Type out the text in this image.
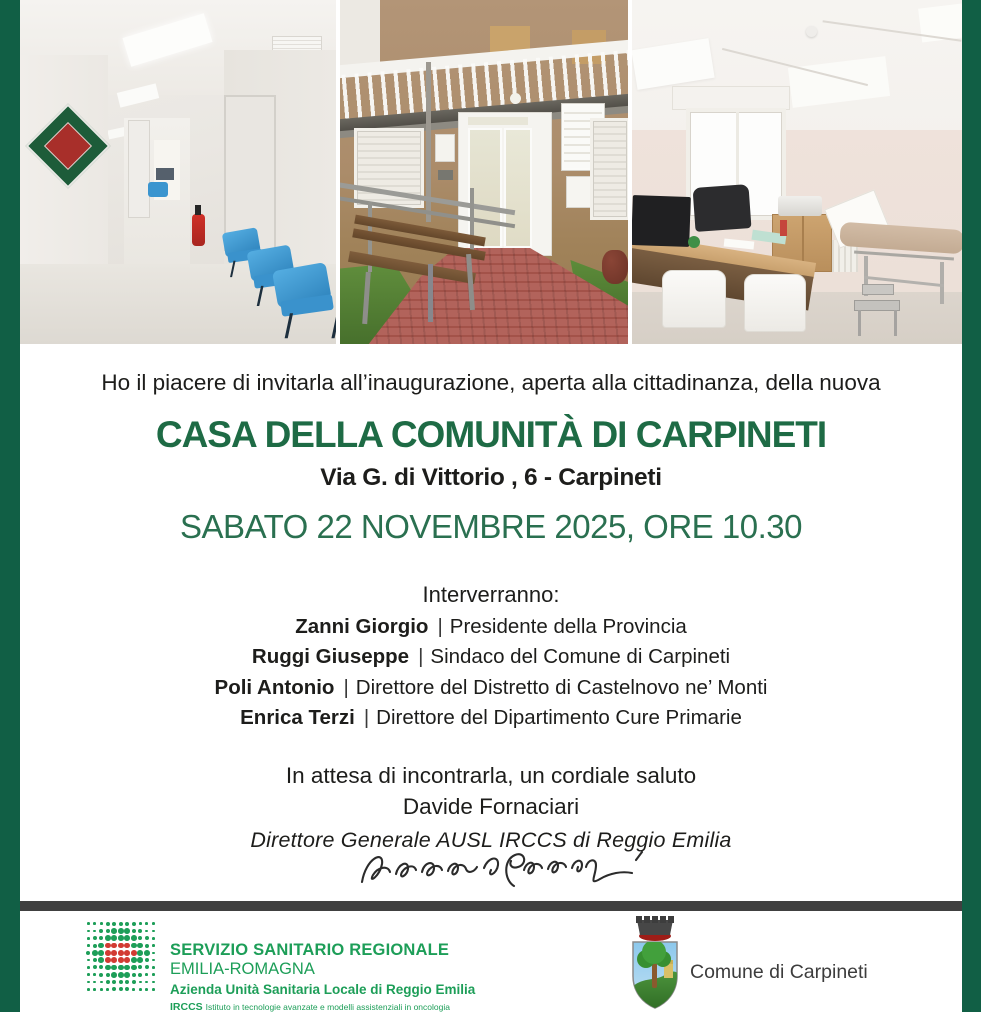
Ho il piacere di invitarla all’inaugurazione, aperta alla cittadinanza, della nuova
CASA DELLA COMUNITÀ DI CARPINETI
Via G. di Vittorio , 6 - Carpineti
SABATO 22 NOVEMBRE 2025, ORE 10.30
Interverranno:
Zanni Giorgio | Presidente della Provincia
Ruggi Giuseppe | Sindaco del Comune di Carpineti
Poli Antonio | Direttore del Distretto di Castelnovo ne’ Monti
Enrica Terzi | Direttore del Dipartimento Cure Primarie
In attesa di incontrarla, un cordiale saluto
Davide Fornaciari
Direttore Generale AUSL IRCCS di Reggio Emilia
SERVIZIO SANITARIO REGIONALE
EMILIA-ROMAGNA
Azienda Unità Sanitaria Locale di Reggio Emilia
IRCCS Istituto in tecnologie avanzate e modelli assistenziali in oncologia
Comune di Carpineti
